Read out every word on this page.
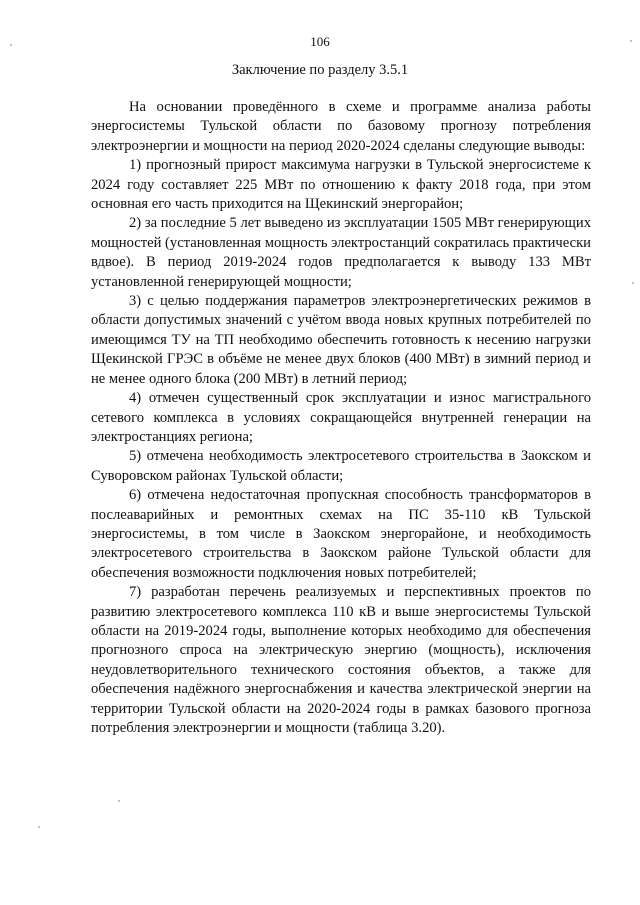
106
Заключение по разделу 3.5.1

На основании проведённого в схеме и программе анализа работы энергосистемы Тульской области по базовому прогнозу потребления электроэнергии и мощности на период 2020-2024 сделаны следующие выводы:

1) прогнозный прирост максимума нагрузки в Тульской энергосистеме к 2024 году составляет 225 МВт по отношению к факту 2018 года, при этом основная его часть приходится на Щекинский энергорайон;

2) за последние 5 лет выведено из эксплуатации 1505 МВт генерирующих мощностей (установленная мощность электростанций сократилась практически вдвое). В период 2019-2024 годов предполагается к выводу 133 МВт установленной генерирующей мощности;

3) с целью поддержания параметров электроэнергетических режимов в области допустимых значений с учётом ввода новых крупных потребителей по имеющимся ТУ на ТП необходимо обеспечить готовность к несению нагрузки Щекинской ГРЭС в объёме не менее двух блоков (400 МВт) в зимний период и не менее одного блока (200 МВт) в летний период;

4) отмечен существенный срок эксплуатации и износ магистрального сетевого комплекса в условиях сокращающейся внутренней генерации на электростанциях региона;

5) отмечена необходимость электросетевого строительства в Заокском и Суворовском районах Тульской области;

6) отмечена недостаточная пропускная способность трансформаторов в послеаварийных и ремонтных схемах на ПС 35-110 кВ Тульской энергосистемы, в том числе в Заокском энергорайоне, и необходимость электросетевого строительства в Заокском районе Тульской области для обеспечения возможности подключения новых потребителей;

7) разработан перечень реализуемых и перспективных проектов по развитию электросетевого комплекса 110 кВ и выше энергосистемы Тульской области на 2019-2024 годы, выполнение которых необходимо для обеспечения прогнозного спроса на электрическую энергию (мощность), исключения неудовлетворительного технического состояния объектов, а также для обеспечения надёжного энергоснабжения и качества электрической энергии на территории Тульской области на 2020-2024 годы в рамках базового прогноза потребления электроэнергии и мощности (таблица 3.20).
